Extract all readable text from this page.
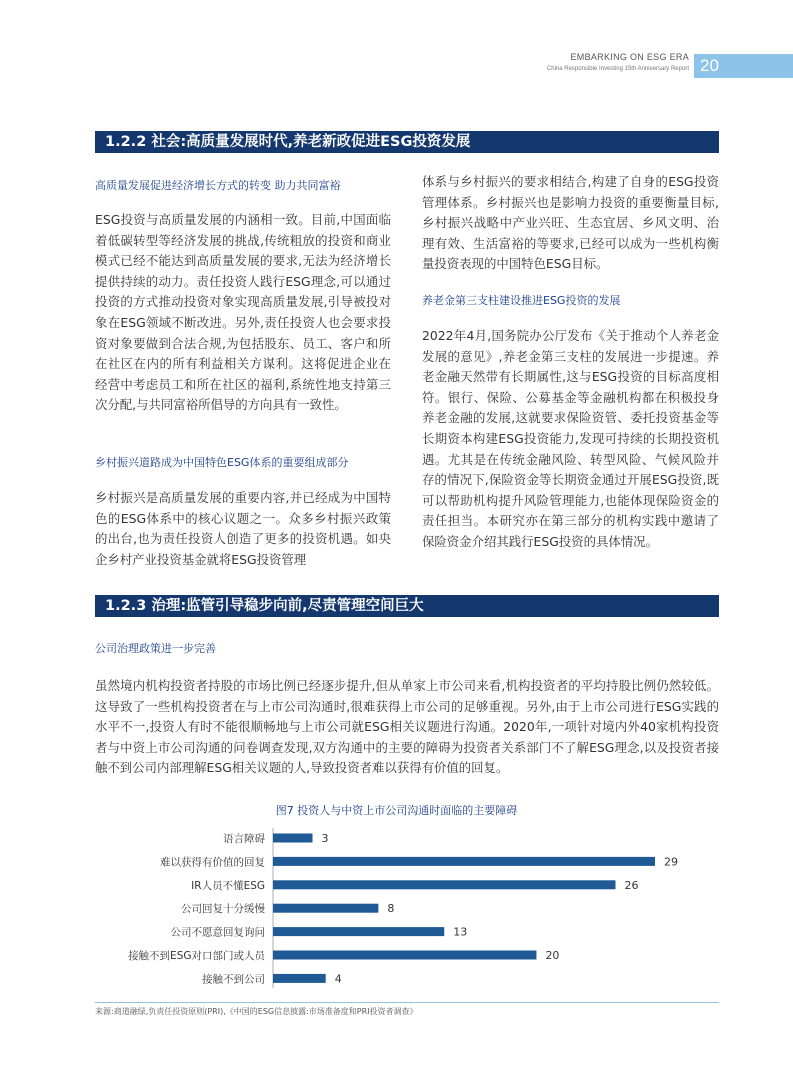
EMBARKING ON ESG ERA
China Responsible Investing 15th Anniversary Report 20
1.2.2 社会:高质量发展时代,养老新政促进ESG投资发展
高质量发展促进经济增长方式的转变 助力共同富裕

ESG投资与高质量发展的内涵相一致。目前,中国面临着低碳转型等经济发展的挑战,传统粗放的投资和商业模式已经不能达到高质量发展的要求,无法为经济增长提供持续的动力。责任投资人践行ESG理念,可以通过投资的方式推动投资对象实现高质量发展,引导被投对象在ESG领域不断改进。另外,责任投资人也会要求投资对象要做到合法合规,为包括股东、员工、客户和所在社区在内的所有利益相关方谋利。这将促进企业在经营中考虑员工和所在社区的福利,系统性地支持第三次分配,与共同富裕所倡导的方向具有一致性。

乡村振兴道路成为中国特色ESG体系的重要组成部分

乡村振兴是高质量发展的重要内容,并已经成为中国特色的ESG体系中的核心议题之一。众多乡村振兴政策的出台,也为责任投资人创造了更多的投资机遇。如央企乡村产业投资基金就将ESG投资管理

体系与乡村振兴的要求相结合,构建了自身的ESG投资管理体系。乡村振兴也是影响力投资的重要衡量目标,乡村振兴战略中产业兴旺、生态宜居、乡风文明、治理有效、生活富裕的等要求,已经可以成为一些机构衡量投资表现的中国特色ESG目标。

养老金第三支柱建设推进ESG投资的发展

2022年4月,国务院办公厅发布《关于推动个人养老金发展的意见》,养老金第三支柱的发展进一步提速。养老金融天然带有长期属性,这与ESG投资的目标高度相符。银行、保险、公募基金等金融机构都在积极投身养老金融的发展,这就要求保险资管、委托投资基金等长期资本构建ESG投资能力,发现可持续的长期投资机遇。尤其是在传统金融风险、转型风险、气候风险并存的情况下,保险资金等长期资金通过开展ESG投资,既可以帮助机构提升风险管理能力,也能体现保险资金的责任担当。本研究亦在第三部分的机构实践中邀请了保险资金介绍其践行ESG投资的具体情况。

1.2.3 治理:监管引导稳步向前,尽责管理空间巨大
公司治理政策进一步完善

虽然境内机构投资者持股的市场比例已经逐步提升,但从单家上市公司来看,机构投资者的平均持股比例仍然较低。这导致了一些机构投资者在与上市公司沟通时,很难获得上市公司的足够重视。另外,由于上市公司进行ESG实践的水平不一,投资人有时不能很顺畅地与上市公司就ESG相关议题进行沟通。2020年,一项针对境内外40家机构投资者与中资上市公司沟通的问卷调查发现,双方沟通中的主要的障碍为投资者关系部门不了解ESG理念,以及投资者接触不到公司内部理解ESG相关议题的人,导致投资者难以获得有价值的回复。

图7 投资人与中资上市公司沟通时面临的主要障碍
语言障碍	3
难以获得有价值的回复	29
IR人员不懂ESG	26
公司回复十分缓慢	8
公司不愿意回复询问	13
接触不到ESG对口部门或人员	20
接触不到公司	4
来源:商道融绿,负责任投资原则(PRI),《中国的ESG信息披露:市场准备度和PRI投资者调查》
